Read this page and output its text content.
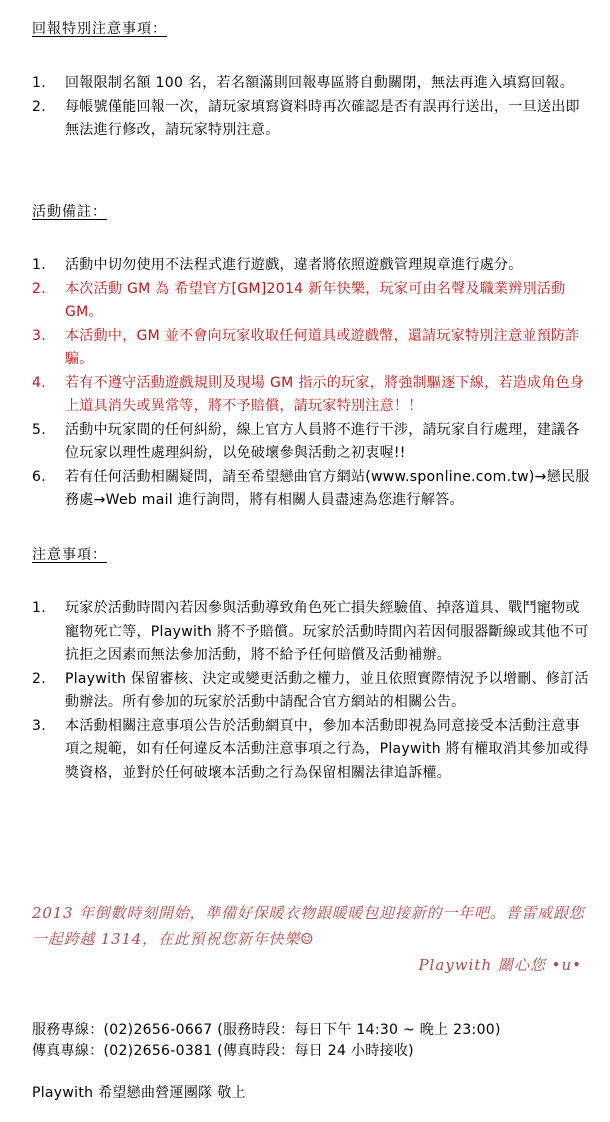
回報特別注意事項：
1. 回報限制名額 100 名，若名額滿則回報專區將自動關閉，無法再進入填寫回報。
2. 每帳號僅能回報一次，請玩家填寫資料時再次確認是否有誤再行送出，一旦送出即無法進行修改，請玩家特別注意。
活動備註：
1. 活動中切勿使用不法程式進行遊戲，違者將依照遊戲管理規章進行處分。
2. 本次活動 GM 為 希望官方[GM]2014 新年快樂，玩家可由名聲及職業辨別活動 GM。
3. 本活動中，GM 並不會向玩家收取任何道具或遊戲幣，還請玩家特別注意並預防詐騙。
4. 若有不遵守活動遊戲規則及現場 GM 指示的玩家，將強制驅逐下線，若造成角色身上道具消失或異常等，將不予賠償，請玩家特別注意！！
5. 活動中玩家間的任何糾紛，線上官方人員將不進行干涉，請玩家自行處理，建議各位玩家以理性處理糾紛，以免破壞參與活動之初衷喔!!
6. 若有任何活動相關疑問，請至希望戀曲官方網站(www.sponline.com.tw)→戀民服務處→Web mail 進行詢問，將有相關人員盡速為您進行解答。
注意事項：
1. 玩家於活動時間內若因參與活動導致角色死亡損失經驗值、掉落道具、戰鬥寵物或寵物死亡等，Playwith 將不予賠償。玩家於活動時間內若因伺服器斷線或其他不可抗拒之因素而無法參加活動，將不給予任何賠償及活動補辦。
2. Playwith 保留審核、決定或變更活動之權力，並且依照實際情況予以增刪、修訂活動辦法。所有參加的玩家於活動中請配合官方網站的相關公告。
3. 本活動相關注意事項公告於活動網頁中，參加本活動即視為同意接受本活動注意事項之規範，如有任何違反本活動注意事項之行為，Playwith 將有權取消其參加或得獎資格，並對於任何破壞本活動之行為保留相關法律追訴權。
2013 年倒數時刻開始，準備好保暖衣物跟暖暖包迎接新的一年吧。普雷威跟您一起跨越 1314，在此預祝您新年快樂☺
Playwith 關心您 •u•
服務專線：(02)2656-0667 (服務時段：每日下午 14:30 ~ 晚上 23:00)
傳真專線：(02)2656-0381 (傳真時段：每日 24 小時接收)
Playwith 希望戀曲營運團隊 敬上
